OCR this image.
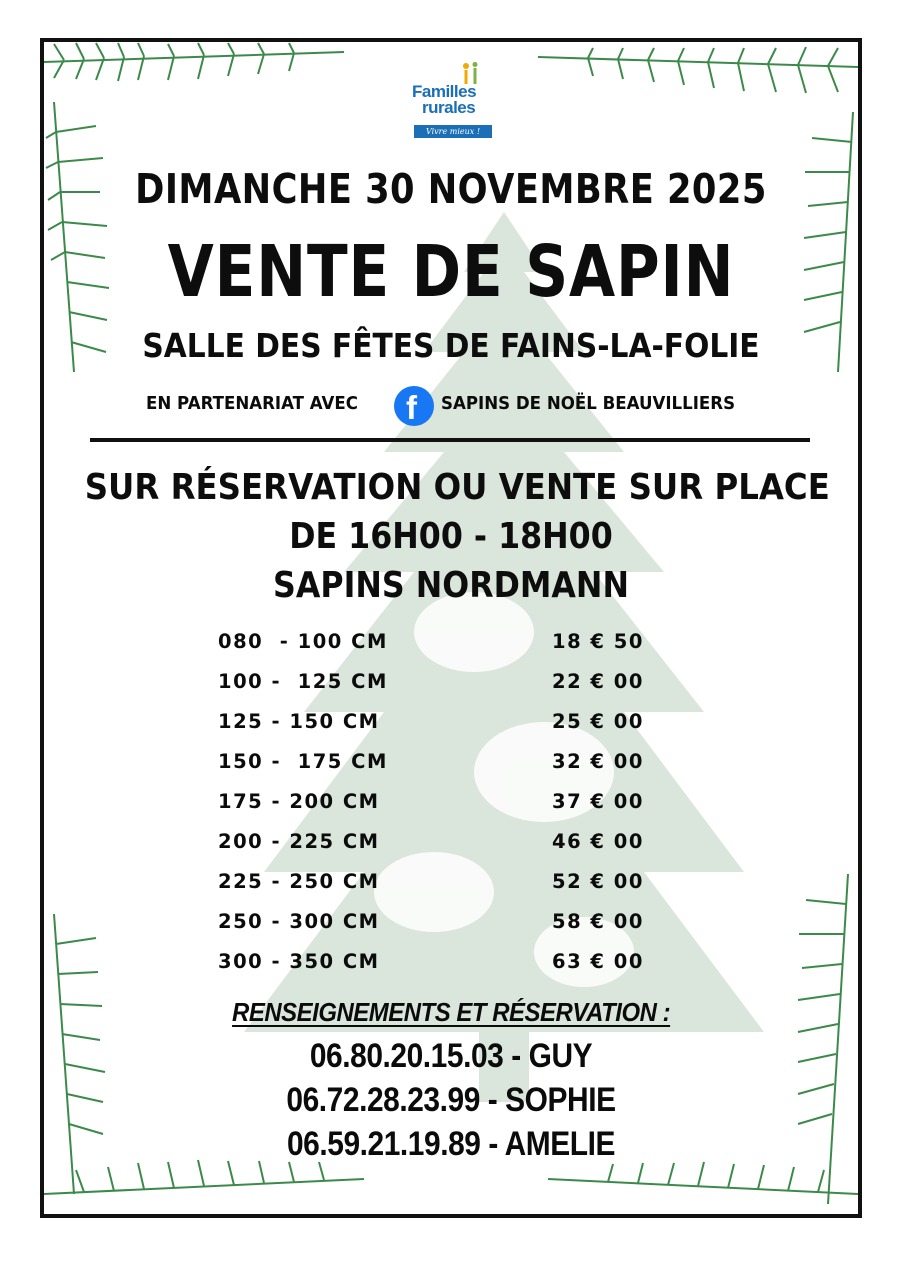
Familles
rurales
Vivre mieux !
DIMANCHE 30 NOVEMBRE 2025
VENTE DE SAPIN
SALLE DES FÊTES DE FAINS-LA-FOLIE
EN PARTENARIAT AVEC f SAPINS DE NOËL BEAUVILLIERS
SUR RÉSERVATION OU VENTE SUR PLACE
DE 16H00 - 18H00
SAPINS NORDMANN
080  - 100 CM	18 € 50
100 -  125 CM	22 € 00
125 - 150 CM	25 € 00
150 -  175 CM	32 € 00
175 - 200 CM	37 € 00
200 - 225 CM	46 € 00
225 - 250 CM	52 € 00
250 - 300 CM	58 € 00
300 - 350 CM	63 € 00
RENSEIGNEMENTS ET RÉSERVATION :
06.80.20.15.03 - GUY
06.72.28.23.99 - SOPHIE
06.59.21.19.89 - AMELIE
